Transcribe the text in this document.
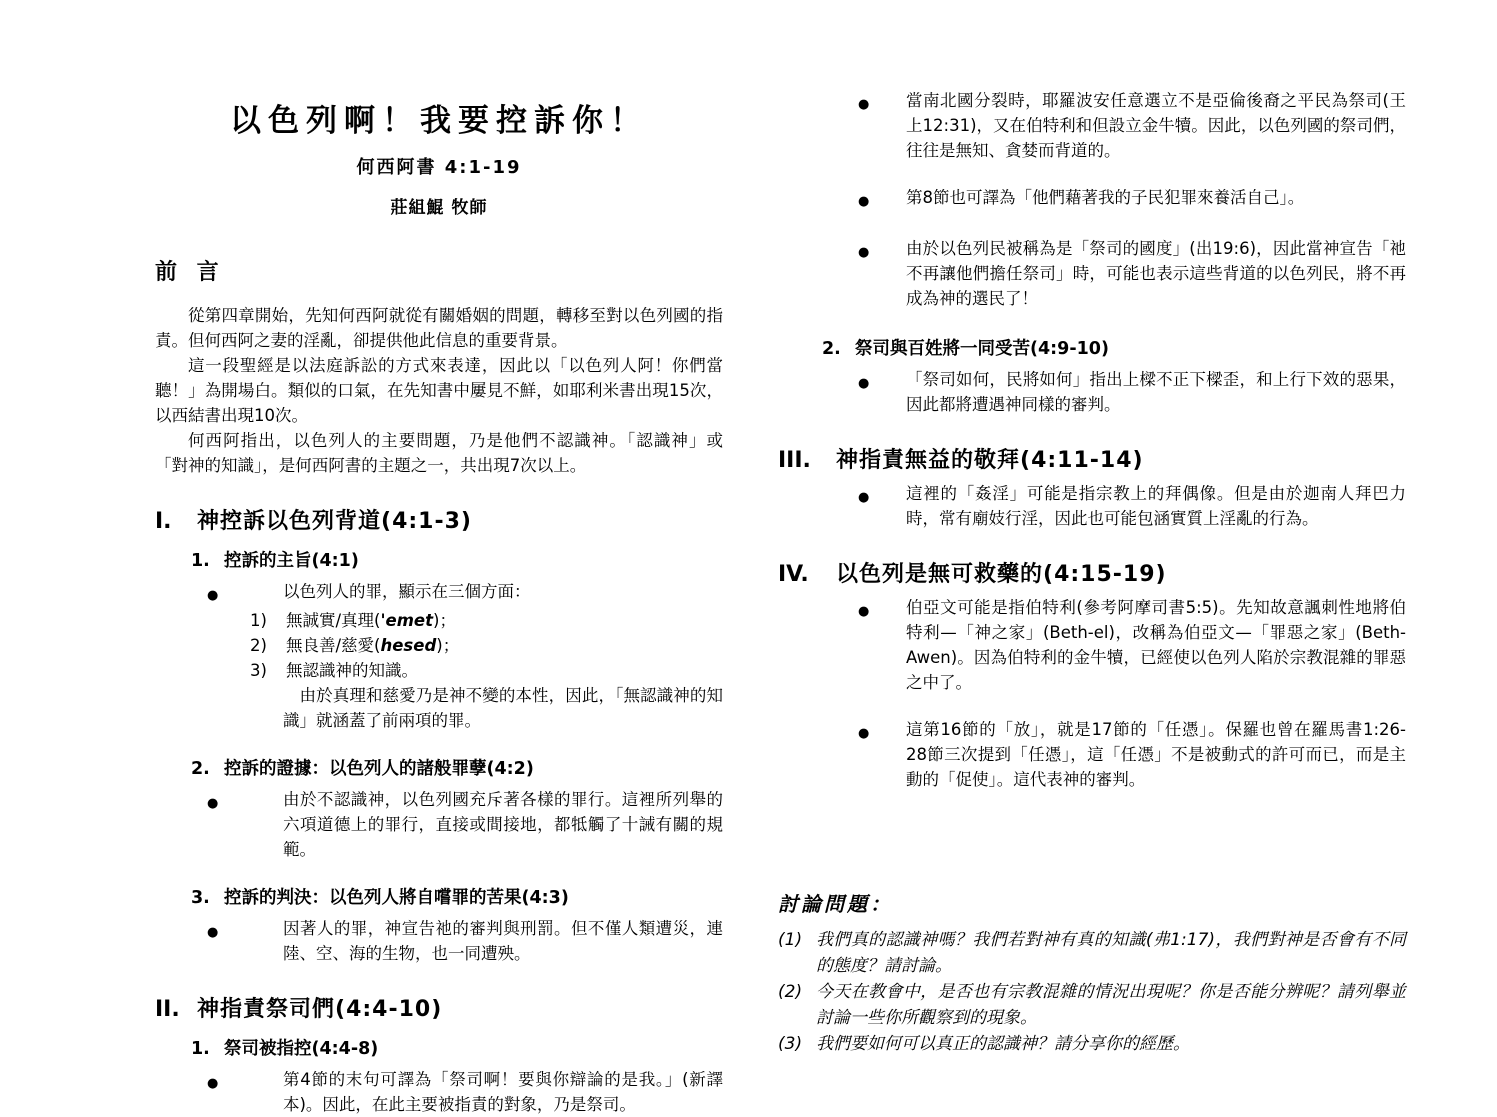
以色列啊！我要控訴你！
何西阿書 4:1-19
莊組鯤 牧師
前 言

從第四章開始，先知何西阿就從有關婚姻的問題，轉移至對以色列國的指責。但何西阿之妻的淫亂，卻提供他此信息的重要背景。

這一段聖經是以法庭訴訟的方式來表達，因此以「以色列人阿！你們當聽！」為開場白。類似的口氣，在先知書中屢見不鮮，如耶利米書出現15次，以西結書出現10次。

何西阿指出，以色列人的主要問題，乃是他們不認識神。「認識神」或「對神的知識」，是何西阿書的主題之一，共出現7次以上。

I.	神控訴以色列背道(4:1-3)
1. 控訴的主旨(4:1)
●	以色列人的罪，顯示在三個方面：
1)	無誠實/真理('emet)；
2)	無良善/慈愛(hesed)；
3)	無認識神的知識。

由於真理和慈愛乃是神不變的本性，因此，「無認識神的知識」就涵蓋了前兩項的罪。

2. 控訴的證據：以色列人的諸般罪孽(4:2)
●	由於不認識神，以色列國充斥著各樣的罪行。這裡所列舉的六項道德上的罪行，直接或間接地，都牴觸了十誡有關的規範。
3. 控訴的判決：以色列人將自嚐罪的苦果(4:3)
●	因著人的罪，神宣告祂的審判與刑罰。但不僅人類遭災，連陸、空、海的生物，也一同遭殃。
II. 神指責祭司們(4:4-10)
1. 祭司被指控(4:4-8)
●	第4節的末句可譯為「祭司啊！要與你辯論的是我。」(新譯本)。因此，在此主要被指責的對象，乃是祭司。
●	當南北國分裂時，耶羅波安任意選立不是亞倫後裔之平民為祭司(王上12:31)，又在伯特利和但設立金牛犢。因此，以色列國的祭司們，往往是無知、貪婪而背道的。
●	第8節也可譯為「他們藉著我的子民犯罪來養活自己」。
●	由於以色列民被稱為是「祭司的國度」(出19:6)，因此當神宣告「祂不再讓他們擔任祭司」時，可能也表示這些背道的以色列民，將不再成為神的選民了！
2. 祭司與百姓將一同受苦(4:9-10)
●	「祭司如何，民將如何」指出上樑不正下樑歪，和上行下效的惡果，因此都將遭遇神同樣的審判。
III.	神指責無益的敬拜(4:11-14)
●	這裡的「姦淫」可能是指宗教上的拜偶像。但是由於迦南人拜巴力時，常有廟妓行淫，因此也可能包涵實質上淫亂的行為。
IV.	以色列是無可救藥的(4:15-19)
●	伯亞文可能是指伯特利(參考阿摩司書5:5)。先知故意諷刺性地將伯特利—「神之家」(Beth-el)，改稱為伯亞文—「罪惡之家」(Beth-Awen)。因為伯特利的金牛犢，已經使以色列人陷於宗教混雜的罪惡之中了。
●	這第16節的「放」，就是17節的「任憑」。保羅也曾在羅馬書1:26-28節三次提到「任憑」，這「任憑」不是被動式的許可而已，而是主動的「促使」。這代表神的審判。
討論問題：
(1) 我們真的認識神嗎？我們若對神有真的知識(弗1:17)，我們對神是否會有不同的態度？請討論。
(2) 今天在教會中，是否也有宗教混雜的情況出現呢？你是否能分辨呢？請列舉並討論一些你所觀察到的現象。
(3) 我們要如何可以真正的認識神？請分享你的經歷。
